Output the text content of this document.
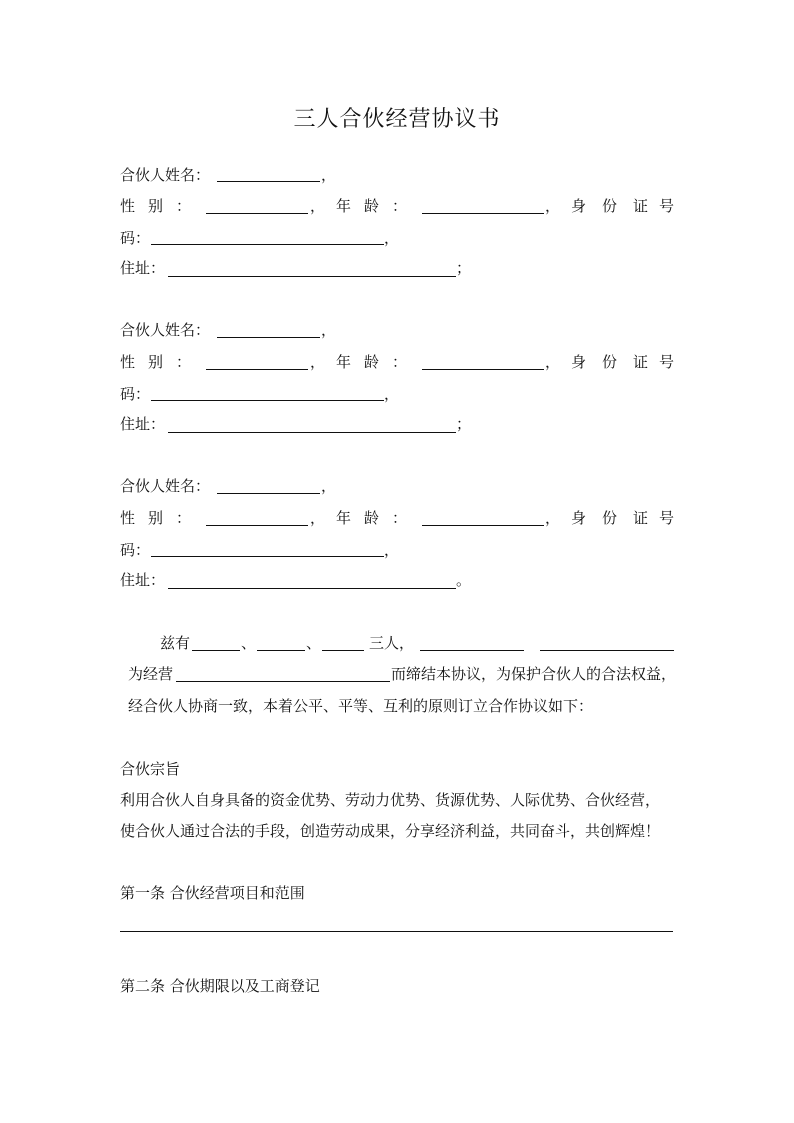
三人合伙经营协议书
合伙人姓名：	，
性 别 ：	， 年 龄 ：	， 身 份 证 号
码：	，
住址：	；
合伙人姓名：	，
性 别 ：	， 年 龄 ：	， 身 份 证 号
码：	，
住址：	；
合伙人姓名：	，
性 别 ：	， 年 龄 ：	， 身 份 证 号
码：	，
住址：	。
兹有	、	、	三人，
为经营	而缔结本协议，为保护合伙人的合法权益，
经合伙人协商一致，本着公平、平等、互利的原则订立合作协议如下：
合伙宗旨
利用合伙人自身具备的资金优势、劳动力优势、货源优势、人际优势、合伙经营，
使合伙人通过合法的手段，创造劳动成果，分享经济利益，共同奋斗，共创辉煌！
第一条 合伙经营项目和范围
第二条 合伙期限以及工商登记
